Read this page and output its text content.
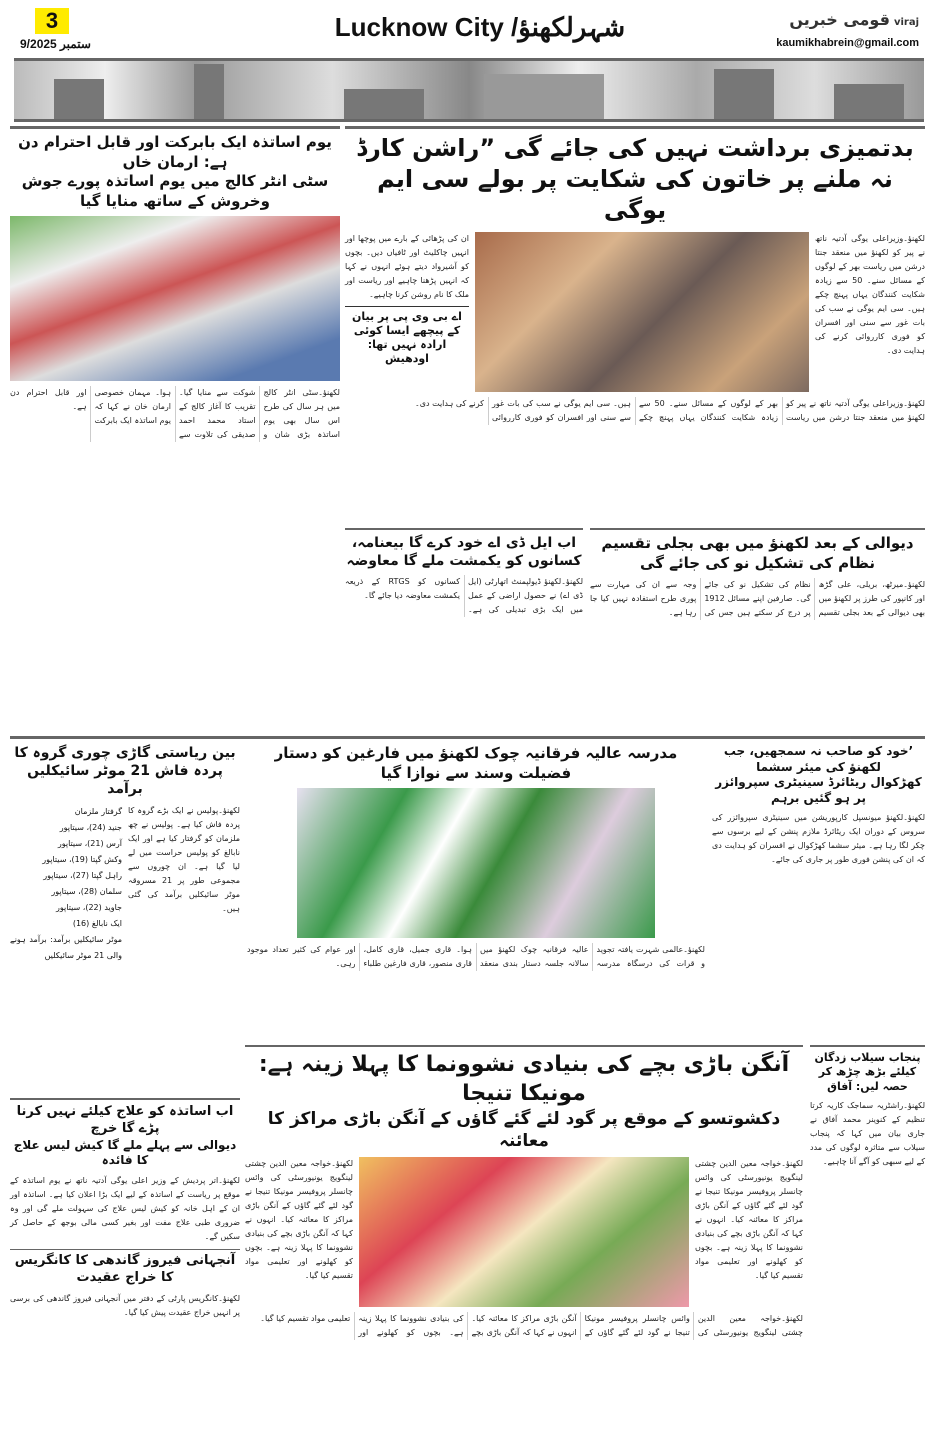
3
9/ستمبر 2025
Lucknow City /شہرلکھنؤ	قومی خبریں viraj
kaumikhabrein@gmail.com
بدتمیزی برداشت نہیں کی جائے گی ”راشن کارڈ
نہ ملنے پر خاتون کی شکایت پر بولے سی ایم یوگی
لکھنؤ۔وزیراعلی یوگی آدتیہ ناتھ نے پیر کو لکھنؤ میں منعقد جنتا درشن میں ریاست بھر کے لوگوں کے مسائل سنے۔ 50 سے زیادہ شکایت کنندگان یہاں پہنچ چکے ہیں۔ سی ایم یوگی نے سب کی بات غور سے سنی اور افسران کو فوری کارروائی کرنے کی ہدایت دی۔
ان کی پڑھائی کے بارے میں پوچھا اور انہیں چاکلیٹ اور ٹافیاں دیں۔ بچوں کو آشیرواد دیتے ہوئے انہوں نے کہا کہ انہیں پڑھنا چاہیے اور ریاست اور ملک کا نام روشن کرنا چاہیے۔
اے بی وی پی پر بیان کے پیچھے ایسا کوئی ارادہ نہیں تھا: اودھیش
لکھنؤ۔وزیراعلی یوگی آدتیہ ناتھ نے پیر کو لکھنؤ میں منعقد جنتا درشن میں ریاست بھر کے لوگوں کے مسائل سنے۔ 50 سے زیادہ شکایت کنندگان یہاں پہنچ چکے ہیں۔ سی ایم یوگی نے سب کی بات غور سے سنی اور افسران کو فوری کارروائی کرنے کی ہدایت دی۔
یوم اساتذہ ایک بابرکت اور قابل احترام دن ہے: ارمان خاں
سٹی انٹر کالج میں یوم اساتذہ پورے جوش وخروش کے ساتھ منایا گیا
لکھنؤ۔سٹی انٹر کالج میں ہر سال کی طرح اس سال بھی یوم اساتذہ بڑی شان و شوکت سے منایا گیا۔ تقریب کا آغاز کالج کے استاد محمد احمد صدیقی کی تلاوت سے ہوا۔ مہمان خصوصی ارمان خان نے کہا کہ یوم اساتذہ ایک بابرکت اور قابل احترام دن ہے۔
دیوالی کے بعد لکھنؤ میں بھی بجلی تقسیم نظام کی تشکیل نو کی جائے گی
لکھنؤ۔میرٹھ، بریلی، علی گڑھ اور کانپور کی طرز پر لکھنؤ میں بھی دیوالی کے بعد بجلی تقسیم نظام کی تشکیل نو کی جائے گی۔ صارفین اپنے مسائل 1912 پر درج کر سکتے ہیں جس کی وجہ سے ان کی مہارت سے پوری طرح استفادہ نہیں کیا جا رہا ہے۔
اب ایل ڈی اے خود کرے گا بیعنامہ، کسانوں کو یکمشت ملے گا معاوضہ
لکھنؤ۔لکھنؤ ڈیولپمنٹ اتھارٹی (ایل ڈی اے) نے حصول اراضی کے عمل میں ایک بڑی تبدیلی کی ہے۔ کسانوں کو RTGS کے ذریعہ یکمشت معاوضہ دیا جائے گا۔
’خود کو صاحب نہ سمجھیں، جب لکھنؤ کی میئر سشما
کھڑکوال ریٹائرڈ سینیٹری سپروائزر پر ہو گئیں برہم
لکھنؤ۔لکھنؤ میونسپل کارپوریشن میں سینیٹری سپروائزر کی سروس کے دوران ایک ریٹائرڈ ملازم پنشن کے لیے برسوں سے چکر لگا رہا ہے۔ میئر سشما کھڑکوال نے افسران کو ہدایت دی کہ ان کی پنشن فوری طور پر جاری کی جائے۔
مدرسہ عالیہ فرقانیہ چوک لکھنؤ میں فارغین کو دستار فضیلت وسند سے نوازا گیا
لکھنؤ۔عالمی شہرت یافتہ تجوید و قرات کی درسگاہ مدرسہ عالیہ فرقانیہ چوک لکھنؤ میں سالانہ جلسہ دستار بندی منعقد ہوا۔ قاری جمیل، قاری کامل، قاری منصور، قاری فارغین طلباء اور عوام کی کثیر تعداد موجود رہی۔
بین ریاستی گاڑی چوری گروہ کا پردہ فاش 21 موٹر سائیکلیں برآمد
لکھنؤ۔پولیس نے ایک بڑے گروہ کا پردہ فاش کیا ہے۔ پولیس نے چھ ملزمان کو گرفتار کیا ہے اور ایک نابالغ کو پولیس حراست میں لے لیا گیا ہے۔ ان چوروں سے مجموعی طور پر 21 مسروقہ موٹر سائیکلیں برآمد کی گئی ہیں۔
گرفتار ملزمان
جنید (24)، سیتاپور
آرس (21)، سیتاپور
وکش گپتا (19)، سیتاپور
راہل گپتا (27)، سیتاپور
سلمان (28)، سیتاپور
جاوید (22)، سیتاپور
ایک نابالغ (16)
موٹر سائیکلیں برآمد: برآمد ہونے والی 21 موٹر سائیکلیں
پنجاب سیلاب زدگان کیلئے بڑھ چڑھ کر حصہ لیں: آفاق
لکھنؤ۔راشٹریہ سماجک کاریہ کرتا تنظیم کے کنوینر محمد آفاق نے جاری بیان میں کہا کہ پنجاب سیلاب سے متاثرہ لوگوں کی مدد کے لیے سبھی کو آگے آنا چاہیے۔
آنگن باڑی بچے کی بنیادی نشوونما کا پہلا زینہ ہے: مونیکا تنیجا
دکشوتسو کے موقع پر گود لئے گئے گاؤں کے آنگن باڑی مراکز کا معائنہ
لکھنؤ۔خواجہ معین الدین چشتی لینگویج یونیورسٹی کی وائس چانسلر پروفیسر مونیکا تنیجا نے گود لئے گئے گاؤں کے آنگن باڑی مراکز کا معائنہ کیا۔ انہوں نے کہا کہ آنگن باڑی بچے کی بنیادی نشوونما کا پہلا زینہ ہے۔ بچوں کو کھلونے اور تعلیمی مواد تقسیم کیا گیا۔
لکھنؤ۔خواجہ معین الدین چشتی لینگویج یونیورسٹی کی وائس چانسلر پروفیسر مونیکا تنیجا نے گود لئے گئے گاؤں کے آنگن باڑی مراکز کا معائنہ کیا۔ انہوں نے کہا کہ آنگن باڑی بچے کی بنیادی نشوونما کا پہلا زینہ ہے۔ بچوں کو کھلونے اور تعلیمی مواد تقسیم کیا گیا۔
لکھنؤ۔خواجہ معین الدین چشتی لینگویج یونیورسٹی کی وائس چانسلر پروفیسر مونیکا تنیجا نے گود لئے گئے گاؤں کے آنگن باڑی مراکز کا معائنہ کیا۔ انہوں نے کہا کہ آنگن باڑی بچے کی بنیادی نشوونما کا پہلا زینہ ہے۔ بچوں کو کھلونے اور تعلیمی مواد تقسیم کیا گیا۔
اب اساتذہ کو علاج کیلئے نہیں کرنا پڑے گا خرچ
دیوالی سے پہلے ملے گا کیش لیس علاج کا فائدہ
لکھنؤ۔اتر پردیش کے وزیر اعلی یوگی آدتیہ ناتھ نے یوم اساتذہ کے موقع پر ریاست کے اساتذہ کے لیے ایک بڑا اعلان کیا ہے۔ اساتذہ اور ان کے اہل خانہ کو کیش لیس علاج کی سہولت ملے گی اور وہ ضروری طبی علاج مفت اور بغیر کسی مالی بوجھ کے حاصل کر سکیں گے۔
آنجہانی فیروز گاندھی کا کانگریس کا خراج عقیدت
لکھنؤ۔کانگریس پارٹی کے دفتر میں آنجہانی فیروز گاندھی کی برسی پر انہیں خراج عقیدت پیش کیا گیا۔
